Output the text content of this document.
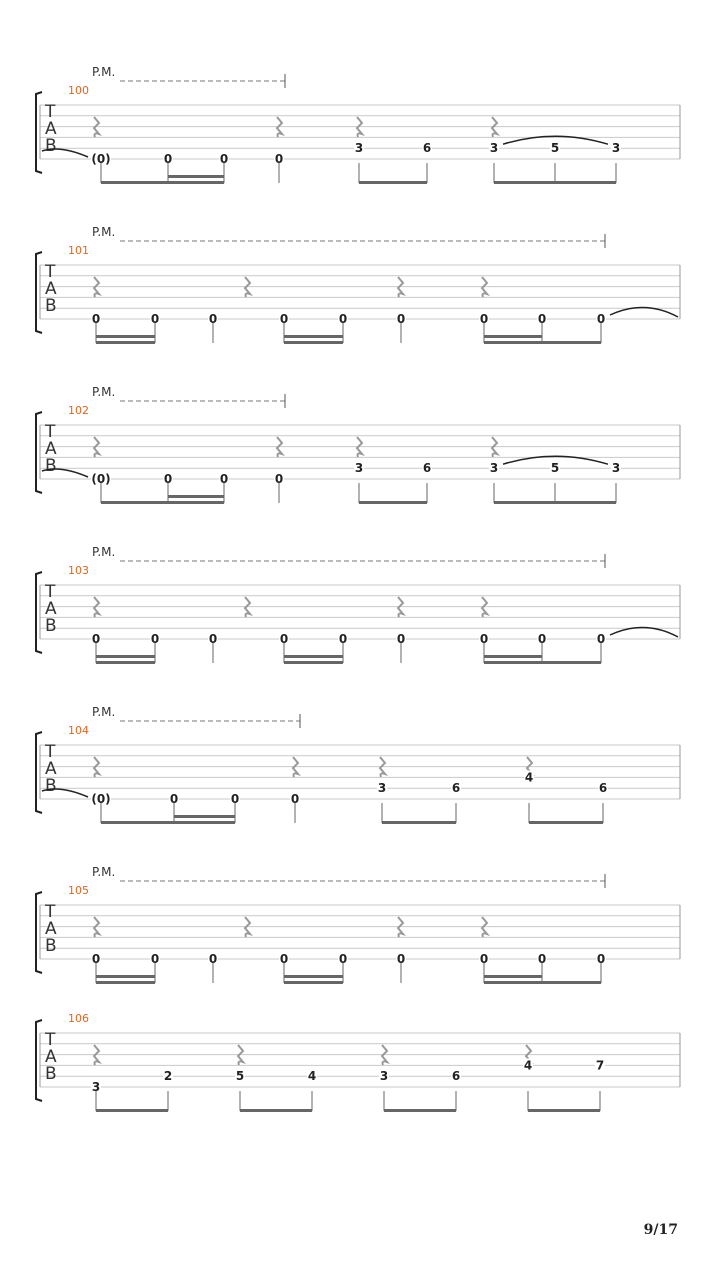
T
A
B
100
P.M.
(0)	0	0	0
3	6	3	5	3
T
A
B
101
P.M.
0	0	0	0	0	0	0	0	0
T
A
B
102
P.M.
(0)	0	0	0
3	6	3	5	3
T
A
B
103
P.M.
0	0	0	0	0	0	0	0	0
T
A
B
104
P.M.
(0)	0	0	0
3	6
4
6
T
A
B
105
P.M.
0	0	0	0	0	0	0	0	0
T
A
B
106
3
2	5	4	3	6
4	7
9/17
